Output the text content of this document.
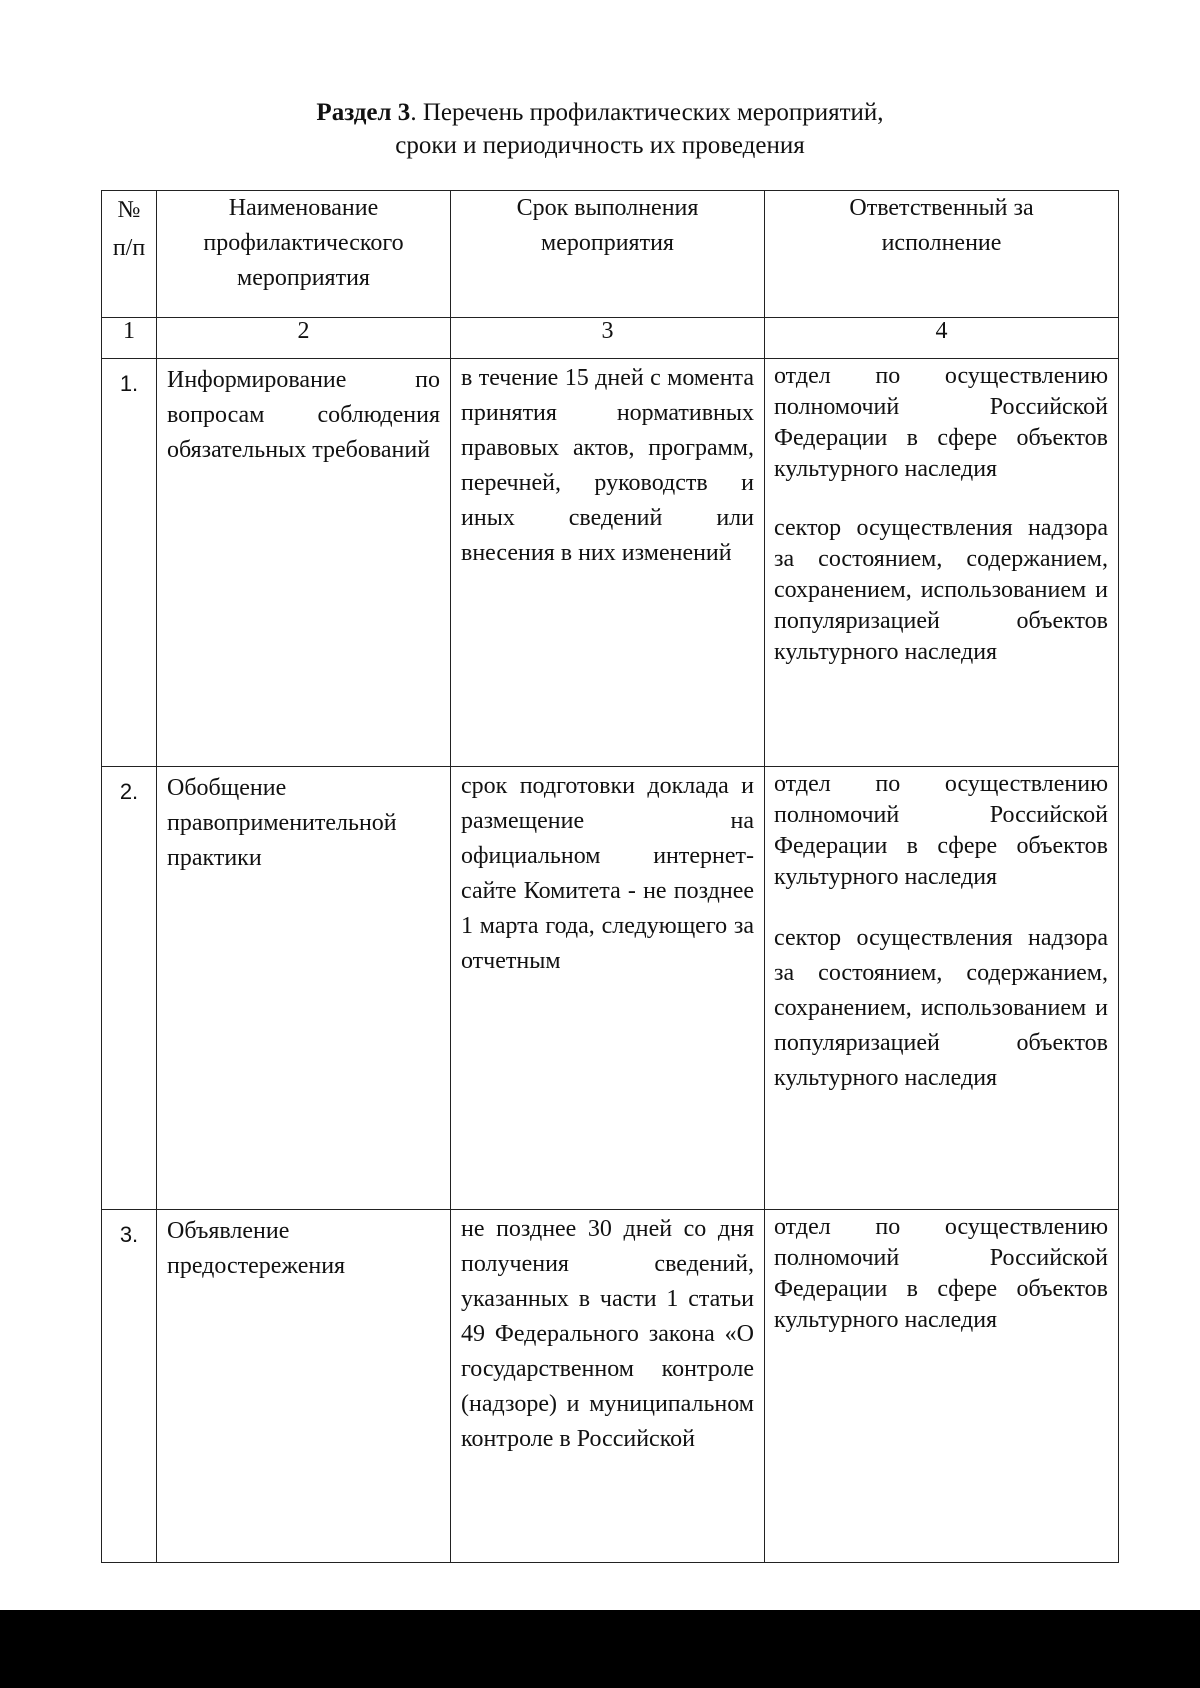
Раздел 3. Перечень профилактических мероприятий,
сроки и периодичность их проведения
№ п/п	Наименование профилактического мероприятия	Срок выполнения мероприятия	Ответственный за исполнение

1	2	3	4
1.	Информирование по вопросам соблюдения обязательных требований	в течение 15 дней с момента принятия нормативных правовых актов, программ, перечней, руководств и иных сведений или внесения в них изменений	отдел по осуществлению полномочий Российской Федерации в сфере объектов культурного наследия

сектор осуществления надзора за состоянием, содержанием, сохранением, использованием и популяризацией объектов культурного наследия

2.	Обобщение правоприменительной практики	срок подготовки доклада и размещение на официальном интернет-сайте Комитета - не позднее 1 марта года, следующего за отчетным	отдел по осуществлению полномочий Российской Федерации в сфере объектов культурного наследия

сектор осуществления надзора за состоянием, содержанием, сохранением, использованием и популяризацией объектов культурного наследия

3.	Объявление предостережения	не позднее 30 дней со дня получения сведений, указанных в части 1 статьи 49 Федерального закона «О государственном контроле (надзоре) и муниципальном контроле в Российской	отдел по осуществлению полномочий Российской Федерации в сфере объектов культурного наследия
